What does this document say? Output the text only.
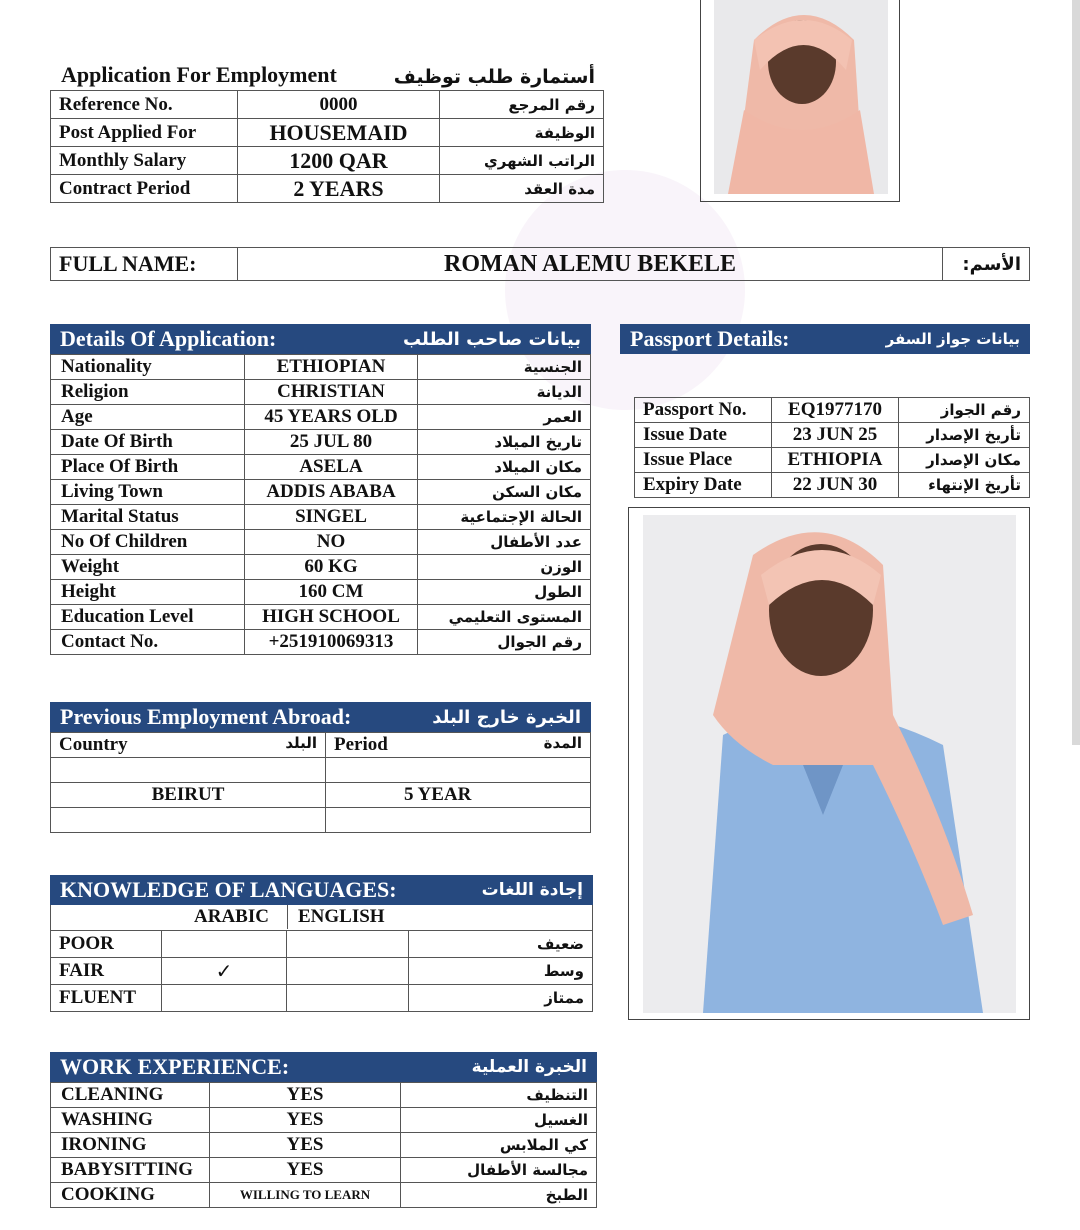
Application For Employment	أستمارة طلب توظيف
Reference No.	0000	رقم المرجع
Post Applied For	HOUSEMAID	الوظيفة
Monthly Salary	1200 QAR	الراتب الشهري
Contract Period	2 YEARS	مدة العقد
FULL NAME:	ROMAN ALEMU BEKELE	الأسم:
Details Of Application:	بيانات صاحب الطلب
Nationality	ETHIOPIAN	الجنسية
Religion	CHRISTIAN	الديانة
Age	45 YEARS OLD	العمر
Date Of Birth	25 JUL 80	تاريخ الميلاد
Place Of Birth	ASELA	مكان الميلاد
Living Town	ADDIS ABABA	مكان السكن
Marital Status	SINGEL	الحالة الإجتماعية
No Of Children	NO	عدد الأطفال
Weight	60 KG	الوزن
Height	160 CM	الطول
Education Level	HIGH SCHOOL	المستوى التعليمي
Contact No.	+251910069313	رقم الجوال
Passport Details:	بيانات جواز السفر
Passport No.	EQ1977170	رقم الجواز
Issue Date	23 JUN 25	تأريخ الإصدار
Issue Place	ETHIOPIA	مكان الإصدار
Expiry Date	22 JUN 30	تأريخ الإنتهاء
Previous Employment Abroad:	الخبرة خارج البلد
Country البلد	Period المدة

BEIRUT	5 YEAR

KNOWLEDGE OF LANGUAGES:	إجادة اللغات
ARABIC ENGLISH
POOR			ضعيف
FAIR	✓		وسط
FLUENT			ممتاز
WORK EXPERIENCE:	الخبرة العملية
CLEANING	YES	التنظيف
WASHING	YES	الغسيل
IRONING	YES	كي الملابس
BABYSITTING	YES	مجالسة الأطفال
COOKING	WILLING TO LEARN	الطبخ
